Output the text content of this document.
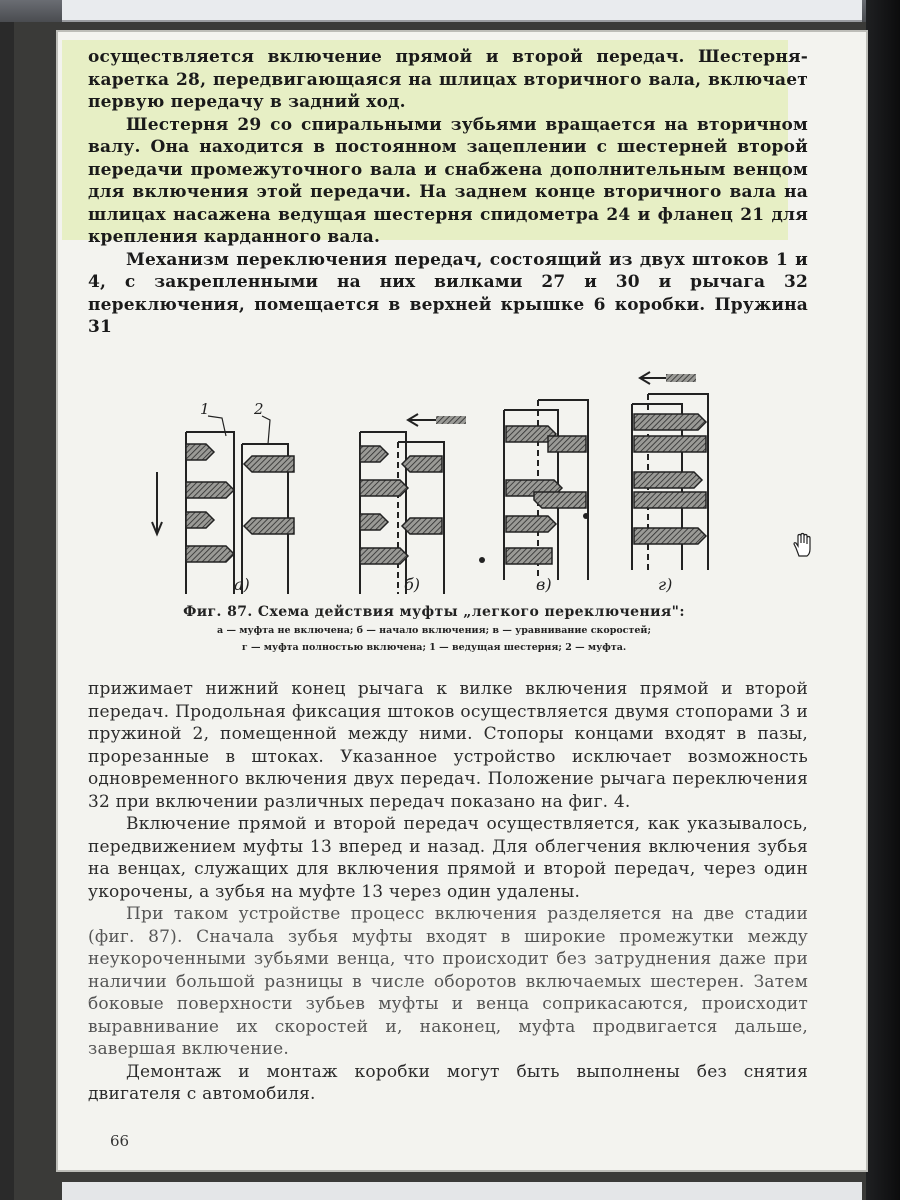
осуществляется включение прямой и второй передач. Шестерня-каретка 28, передвигающаяся на шлицах вторичного вала, включает первую передачу в задний ход.

Шестерня 29 со спиральными зубьями вращается на вторичном валу. Она находится в постоянном зацеплении с шестерней второй передачи промежуточного вала и снабжена дополнительным венцом для включения этой передачи. На заднем конце вторичного вала на шлицах насажена ведущая шестерня спидометра 24 и фланец 21 для крепления карданного вала.

Механизм переключения передач, состоящий из двух штоков 1 и 4, с закрепленными на них вилками 27 и 30 и рычага 32 переключения, помещается в верхней крышке 6 коробки. Пружина 31

1	2
а)	б)	в)	г)
Фиг. 87. Схема действия муфты „легкого переключения":
а — муфта не включена; б — начало включения; в — уравнивание скоростей;
г — муфта полностью включена; 1 — ведущая шестерня; 2 — муфта.

прижимает нижний конец рычага к вилке включения прямой и второй передач. Продольная фиксация штоков осуществляется двумя стопорами 3 и пружиной 2, помещенной между ними. Стопоры концами входят в пазы, прорезанные в штоках. Указанное устройство исключает возможность одновременного включения двух передач. Положение рычага переключения 32 при включении различных передач показано на фиг. 4.

Включение прямой и второй передач осуществляется, как указывалось, передвижением муфты 13 вперед и назад. Для облегчения включения зубья на венцах, служащих для включения прямой и второй передач, через один укорочены, а зубья на муфте 13 через один удалены.

При таком устройстве процесс включения разделяется на две стадии (фиг. 87). Сначала зубья муфты входят в широкие промежутки между неукороченными зубьями венца, что происходит без затруднения даже при наличии большой разницы в числе оборотов включаемых шестерен. Затем боковые поверхности зубьев муфты и венца соприкасаются, происходит выравнивание их скоростей и, наконец, муфта продвигается дальше, завершая включение.

Демонтаж и монтаж коробки могут быть выполнены без снятия двигателя с автомобиля.

66
